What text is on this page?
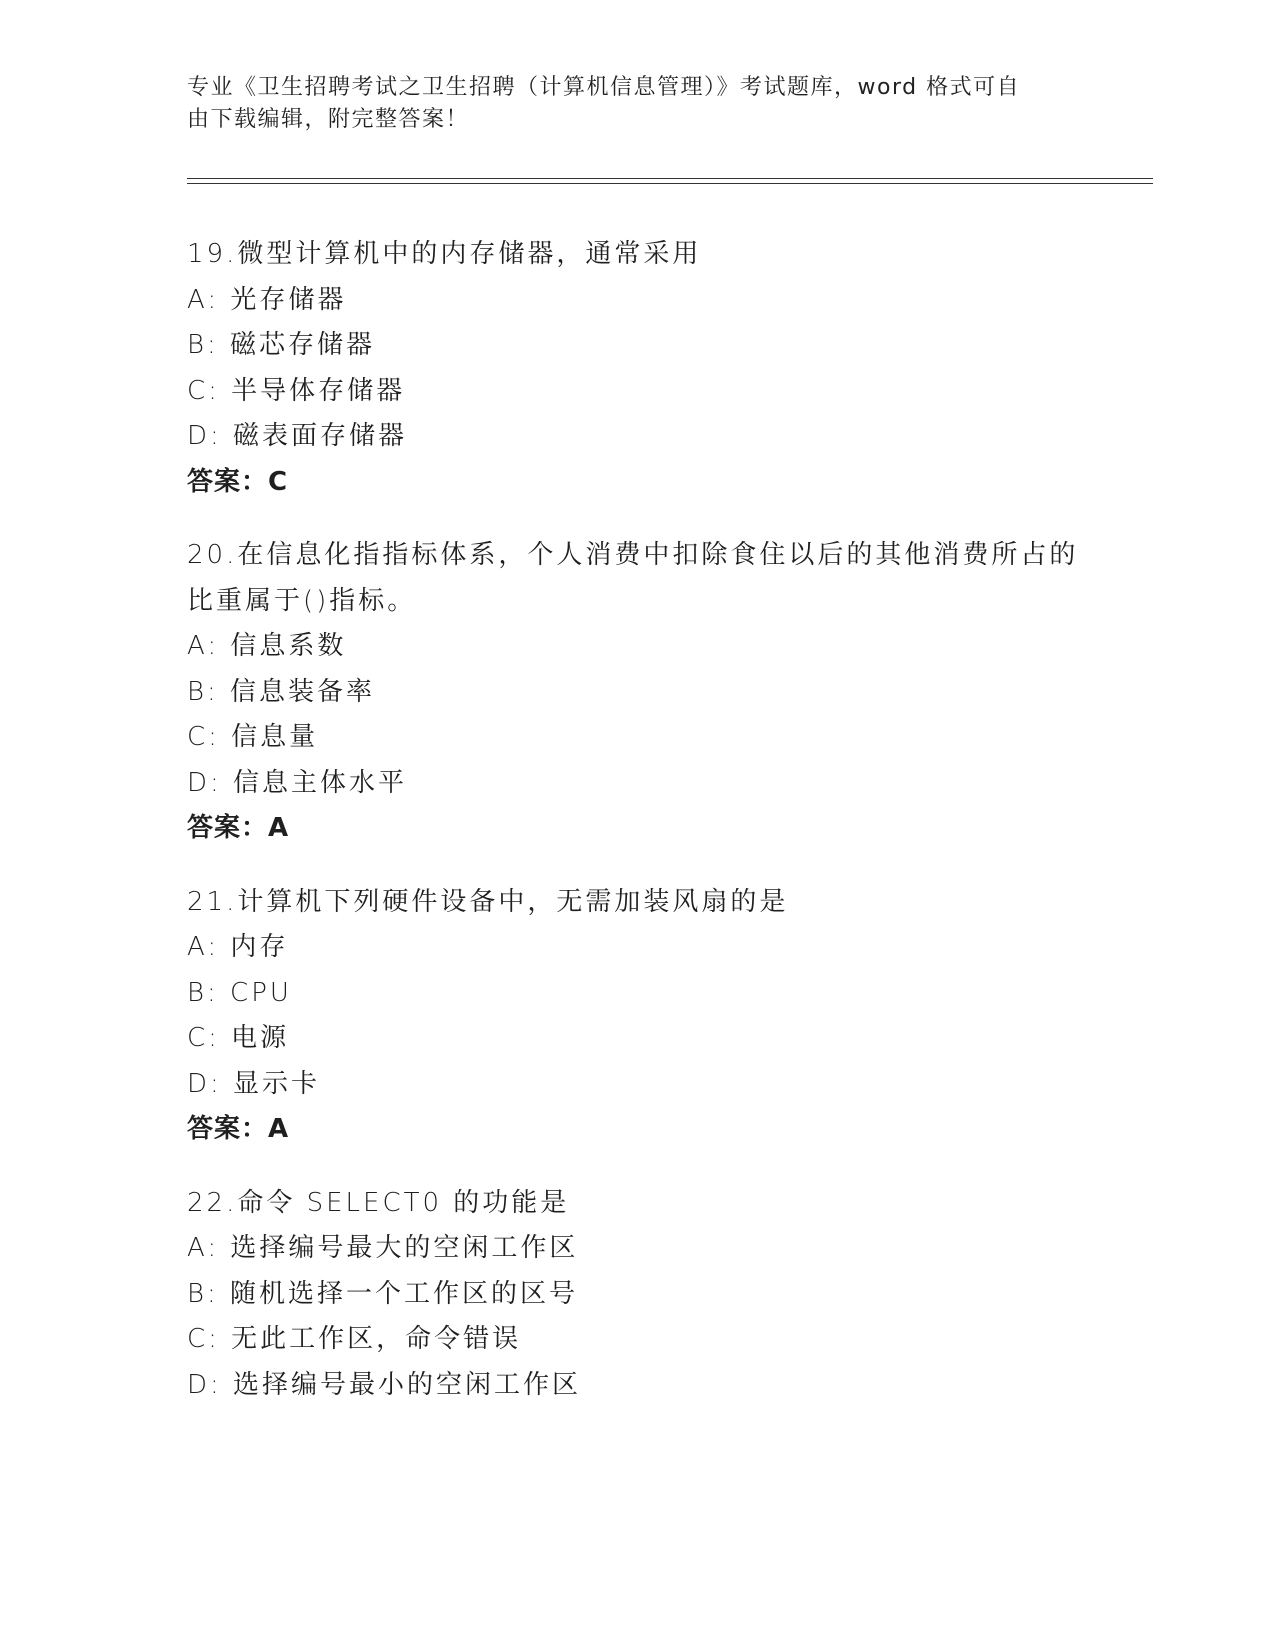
专业《卫生招聘考试之卫生招聘（计算机信息管理）》考试题库，word 格式可自
由下载编辑，附完整答案！
19.微型计算机中的内存储器，通常采用
A: 光存储器
B: 磁芯存储器
C: 半导体存储器
D: 磁表面存储器
答案：C
20.在信息化指指标体系，个人消费中扣除食住以后的其他消费所占的
比重属于()指标。
A: 信息系数
B: 信息装备率
C: 信息量
D: 信息主体水平
答案：A
21.计算机下列硬件设备中，无需加装风扇的是
A: 内存
B: CPU
C: 电源
D: 显示卡
答案：A
22.命令 SELECT0 的功能是
A: 选择编号最大的空闲工作区
B: 随机选择一个工作区的区号
C: 无此工作区，命令错误
D: 选择编号最小的空闲工作区
